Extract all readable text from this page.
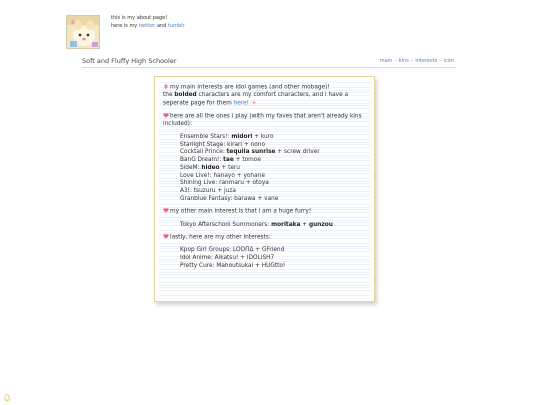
this is my about page!
here is my twitter and tumblr
Soft and Fluffy High Schooler	main – kins – interests – icon

my main interests are idol games (and other mobage)!

the bolded characters are my comfort characters, and i have a

seperate page for them here!

here are all the ones i play (with my faves that aren't already kins included):

Ensemble Stars!: midori + kuro

Starlight Stage: kirari + nono

Cocktail Prince: tequila sunrise + screw driver

BanG Dream!: tae + tomoe

SideM: hideo + teru

Love Live!: hanayo + yohane

Shining Live: ranmaru + otoya

A3!: tsuzuru + juza

Granblue Fantasy: barawa + vane

my other main interest is that i am a huge furry!

Tokyo Afterschool Summoners: moritaka + gunzou

lastly, here are my other interests:

Kpop Girl Groups: LOOΠΔ + GFriend

Idol Anime: Aikatsu! + IDOLiSH7

Pretty Cure: Mahoutsukai + HUGtto!
